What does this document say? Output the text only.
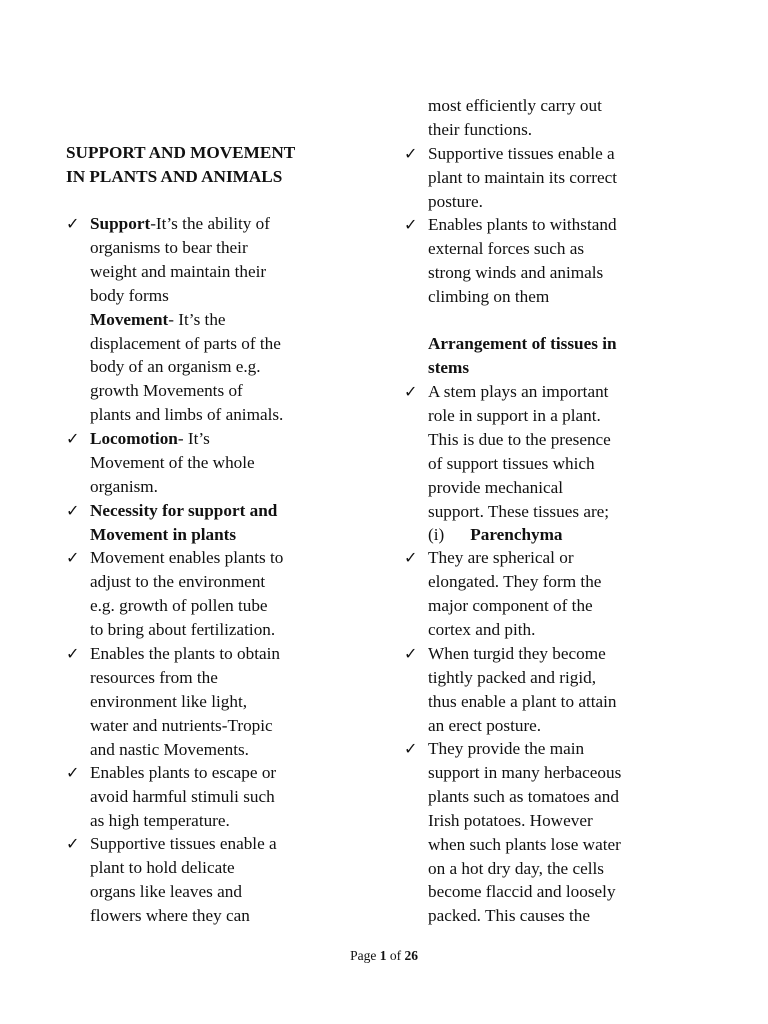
SUPPORT AND MOVEMENT
IN PLANTS AND ANIMALS
✓ Support-It’s the ability of
organisms to bear their
weight and maintain their
body forms
Movement- It’s the
displacement of parts of the
body of an organism e.g.
growth Movements of
plants and limbs of animals.
✓ Locomotion- It’s
Movement of the whole
organism.
✓ Necessity for support and
Movement in plants
✓ Movement enables plants to
adjust to the environment
e.g. growth of pollen tube
to bring about fertilization.
✓ Enables the plants to obtain
resources from the
environment like light,
water and nutrients-Tropic
and nastic Movements.
✓ Enables plants to escape or
avoid harmful stimuli such
as high temperature.
✓ Supportive tissues enable a
plant to hold delicate
organs like leaves and
flowers where they can
most efficiently carry out
their functions.
✓ Supportive tissues enable a
plant to maintain its correct
posture.
✓ Enables plants to withstand
external forces such as
strong winds and animals
climbing on them
Arrangement of tissues in
stems
✓ A stem plays an important
role in support in a plant.
This is due to the presence
of support tissues which
provide mechanical
support. These tissues are;
(i) Parenchyma
✓ They are spherical or
elongated. They form the
major component of the
cortex and pith.
✓ When turgid they become
tightly packed and rigid,
thus enable a plant to attain
an erect posture.
✓ They provide the main
support in many herbaceous
plants such as tomatoes and
Irish potatoes. However
when such plants lose water
on a hot dry day, the cells
become flaccid and loosely
packed. This causes the
Page 1 of 26
